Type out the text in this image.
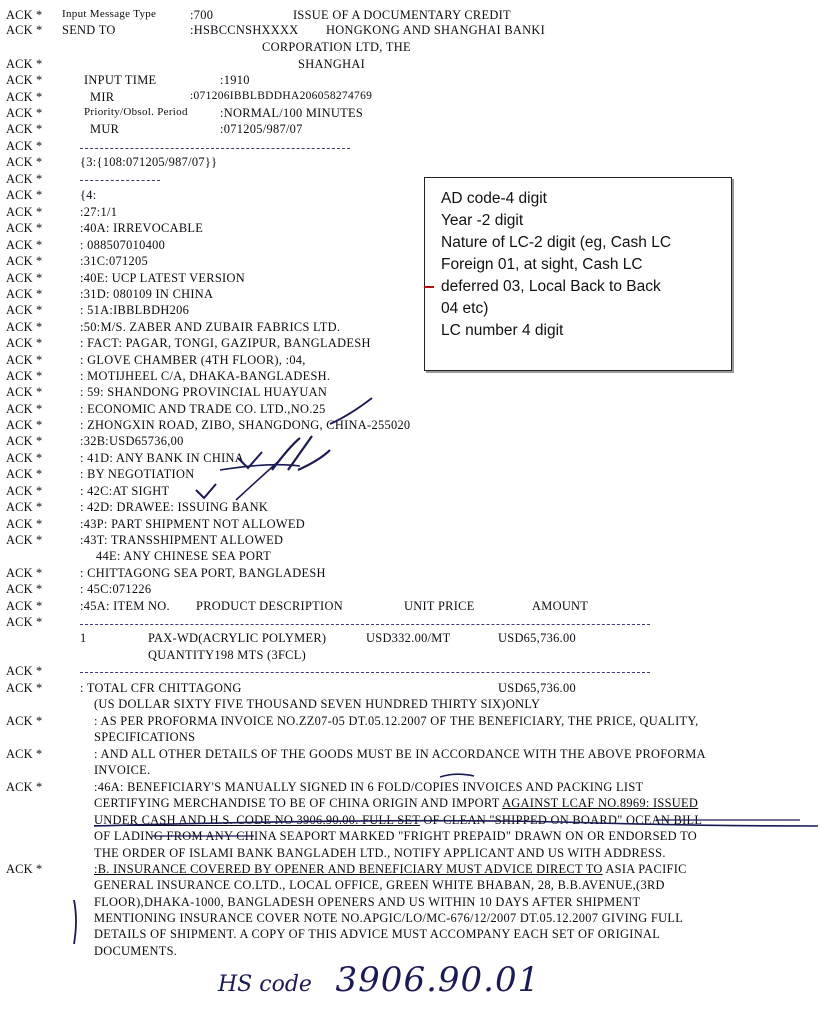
ACK * Input Message Type	:700	ISSUE OF A DOCUMENTARY CREDIT
ACK * SEND TO	:HSBCCNSHXXXX HONGKONG AND SHANGHAI BANKI
CORPORATION LTD, THE
SHANGHAI
ACK *
ACK *	INPUT TIME	:1910
ACK *	MIR	:071206IBBLBDDHA206058274769
ACK *	Priority/Obsol. Period	:NORMAL/100 MINUTES
ACK *	MUR	:071205/987/07
ACK *
ACK *	{3:{108:071205/987/07}}
ACK *
ACK *	{4:
ACK *	:27:1/1
ACK *	:40A: IRREVOCABLE
ACK *	: 088507010400
ACK *	:31C:071205
ACK *	:40E: UCP LATEST VERSION
ACK *	:31D: 080109 IN CHINA
ACK *	: 51A:IBBLBDH206
ACK *	:50:M/S. ZABER AND ZUBAIR FABRICS LTD.
ACK *	: FACT: PAGAR, TONGI, GAZIPUR, BANGLADESH
ACK *	: GLOVE CHAMBER (4TH FLOOR), :04,
ACK *	: MOTIJHEEL C/A, DHAKA-BANGLADESH.
ACK *	: 59: SHANDONG PROVINCIAL HUAYUAN
ACK *	: ECONOMIC AND TRADE CO. LTD.,NO.25
ACK *	: ZHONGXIN ROAD, ZIBO, SHANGDONG, CHINA-255020
ACK *	:32B:USD65736,00
ACK *	: 41D: ANY BANK IN CHINA
ACK *	: BY NEGOTIATION
ACK *	: 42C:AT SIGHT
ACK *	: 42D: DRAWEE: ISSUING BANK
ACK *	:43P: PART SHIPMENT NOT ALLOWED
ACK *	:43T: TRANSSHIPMENT ALLOWED
44E: ANY CHINESE SEA PORT
ACK *	: CHITTAGONG SEA PORT, BANGLADESH
ACK *	: 45C:071226
ACK *	:45A: ITEM NO. PRODUCT DESCRIPTION	UNIT PRICE	AMOUNT
ACK *
1	PAX-WD(ACRYLIC POLYMER)	USD332.00/MT	USD65,736.00
QUANTITY198 MTS (3FCL)
ACK *
ACK *	: TOTAL CFR CHITTAGONG	USD65,736.00
(US DOLLAR SIXTY FIVE THOUSAND SEVEN HUNDRED THIRTY SIX)ONLY
ACK *	: AS PER PROFORMA INVOICE NO.ZZ07-05 DT.05.12.2007 OF THE BENEFICIARY, THE PRICE, QUALITY,
SPECIFICATIONS
ACK *	: AND ALL OTHER DETAILS OF THE GOODS MUST BE IN ACCORDANCE WITH THE ABOVE PROFORMA
INVOICE.
ACK *	:46A: BENEFICIARY'S MANUALLY SIGNED IN 6 FOLD/COPIES INVOICES AND PACKING LIST
CERTIFYING MERCHANDISE TO BE OF CHINA ORIGIN AND IMPORT AGAINST LCAF NO.8969: ISSUED
UNDER CASH AND H.S. CODE NO 3906.90.00. FULL SET OF CLEAN "SHIPPED ON BOARD" OCEAN BILL
OF LADING FROM ANY CHINA SEAPORT MARKED "FRIGHT PREPAID" DRAWN ON OR ENDORSED TO
THE ORDER OF ISLAMI BANK BANGLADEH LTD., NOTIFY APPLICANT AND US WITH ADDRESS.
ACK *	:B. INSURANCE COVERED BY OPENER AND BENEFICIARY MUST ADVICE DIRECT TO ASIA PACIFIC
GENERAL INSURANCE CO.LTD., LOCAL OFFICE, GREEN WHITE BHABAN, 28, B.B.AVENUE,(3RD
FLOOR),DHAKA-1000, BANGLADESH OPENERS AND US WITHIN 10 DAYS AFTER SHIPMENT
MENTIONING INSURANCE COVER NOTE NO.APGIC/LO/MC-676/12/2007 DT.05.12.2007 GIVING FULL
DETAILS OF SHIPMENT. A COPY OF THIS ADVICE MUST ACCOMPANY EACH SET OF ORIGINAL
DOCUMENTS.
AD code-4 digit
Year -2 digit
Nature of LC-2 digit (eg, Cash LC
Foreign 01, at sight, Cash LC
deferred 03, Local Back to Back
04 etc)
LC number 4 digit
HS code 3906.90.01
